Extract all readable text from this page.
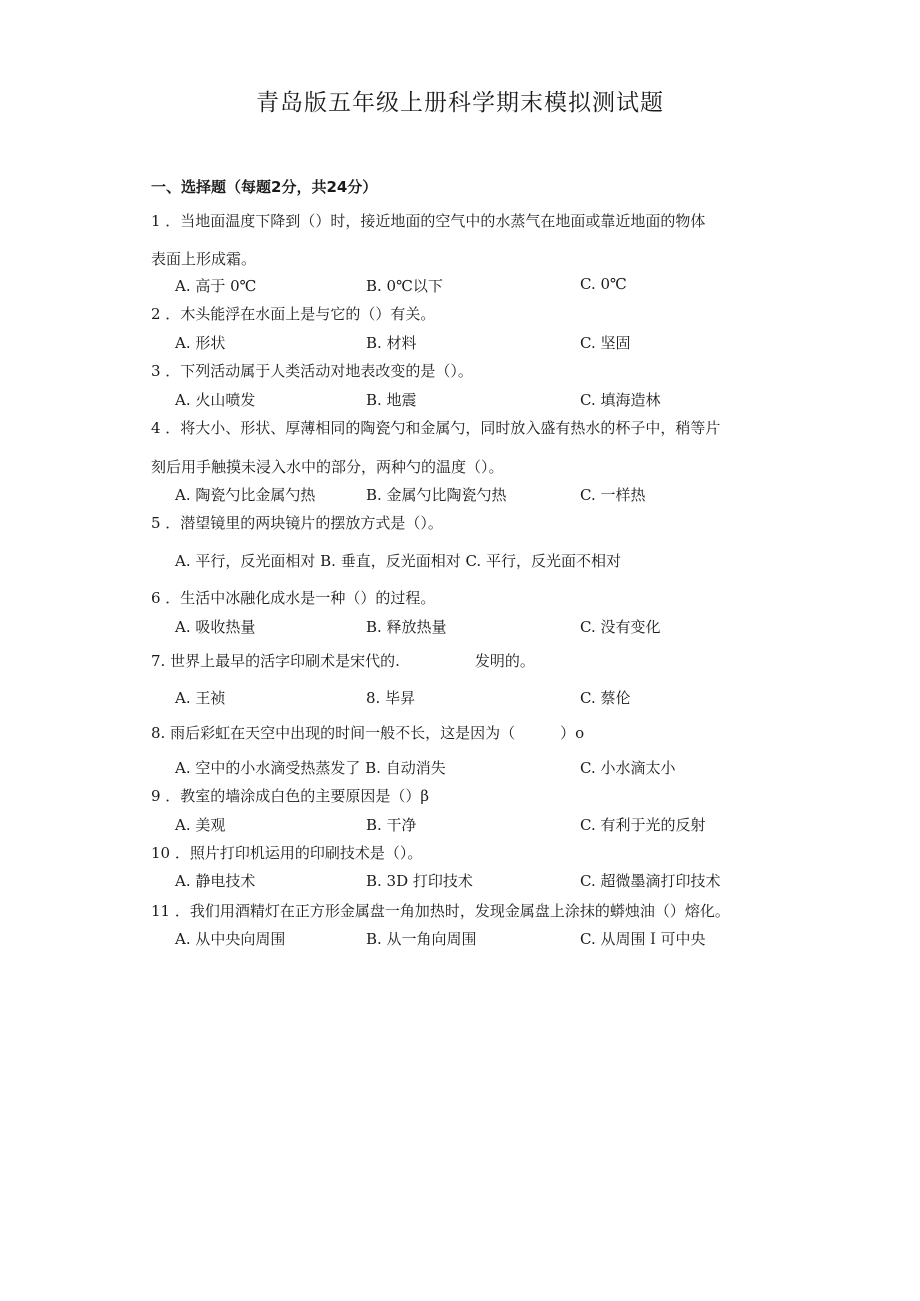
青岛版五年级上册科学期末模拟测试题
一、选择题（每题2分，共24分）
1 ．当地面温度下降到（）时，接近地面的空气中的水蒸气在地面或靠近地面的物体
表面上形成霜。
A. 高于 0℃	B. 0℃以下	C. 0℃
2 ．木头能浮在水面上是与它的（）有关。
A. 形状	B. 材料	C. 坚固
3 ．下列活动属于人类活动对地表改变的是（）。
A. 火山喷发	B. 地震	C. 填海造林
4 ．将大小、形状、厚薄相同的陶瓷勺和金属勺，同时放入盛有热水的杯子中，稍等片
刻后用手触摸未浸入水中的部分，两种勺的温度（）。
A. 陶瓷勺比金属勺热	B. 金属勺比陶瓷勺热	C. 一样热
5 ．潜望镜里的两块镜片的摆放方式是（）。
A. 平行，反光面相对 B. 垂直，反光面相对 C. 平行，反光面不相对
6 ．生活中冰融化成水是一种（）的过程。
A. 吸收热量	B. 释放热量	C. 没有变化
7. 世界上最早的活字印刷术是宋代的.　　　　　发明的。
A. 王祯	8. 毕昇	C. 蔡伦
8. 雨后彩虹在天空中出现的时间一般不长，这是因为（　　　）o
A. 空中的小水滴受热蒸发了 B. 自动消失	C. 小水滴太小
9 ．教室的墙涂成白色的主要原因是（）β
A. 美观	B. 干净	C. 有利于光的反射
10 ．照片打印机运用的印刷技术是（）。
A. 静电技术	B. 3D 打印技术	C. 超微墨滴打印技术
11 ．我们用酒精灯在正方形金属盘一角加热时，发现金属盘上涂抹的蟒烛油（）熔化。
A. 从中央向周围	B. 从一角向周围	C. 从周围Ｉ可中央
